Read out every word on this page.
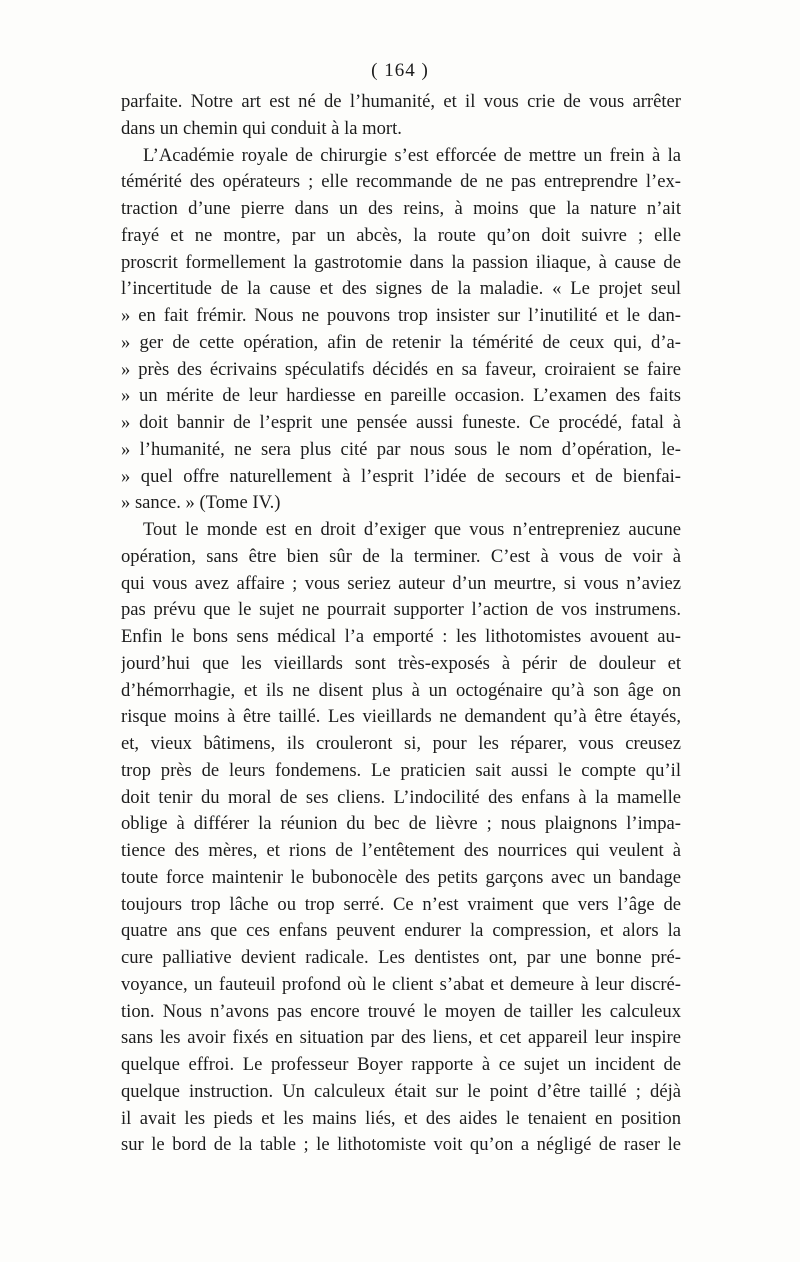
( 164 )
parfaite. Notre art est né de l’humanité, et il vous crie de vous arrêter
dans un chemin qui conduit à la mort.
L’Académie royale de chirurgie s’est efforcée de mettre un frein à la
témérité des opérateurs ; elle recommande de ne pas entreprendre l’ex-
traction d’une pierre dans un des reins, à moins que la nature n’ait
frayé et ne montre, par un abcès, la route qu’on doit suivre ; elle
proscrit formellement la gastrotomie dans la passion iliaque, à cause de
l’incertitude de la cause et des signes de la maladie. « Le projet seul
» en fait frémir. Nous ne pouvons trop insister sur l’inutilité et le dan-
» ger de cette opération, afin de retenir la témérité de ceux qui, d’a-
» près des écrivains spéculatifs décidés en sa faveur, croiraient se faire
» un mérite de leur hardiesse en pareille occasion. L’examen des faits
» doit bannir de l’esprit une pensée aussi funeste. Ce procédé, fatal à
» l’humanité, ne sera plus cité par nous sous le nom d’opération, le-
» quel offre naturellement à l’esprit l’idée de secours et de bienfai-
» sance. » (Tome IV.)
Tout le monde est en droit d’exiger que vous n’entrepreniez aucune
opération, sans être bien sûr de la terminer. C’est à vous de voir à
qui vous avez affaire ; vous seriez auteur d’un meurtre, si vous n’aviez
pas prévu que le sujet ne pourrait supporter l’action de vos instrumens.
Enfin le bons sens médical l’a emporté : les lithotomistes avouent au-
jourd’hui que les vieillards sont très-exposés à périr de douleur et
d’hémorrhagie, et ils ne disent plus à un octogénaire qu’à son âge on
risque moins à être taillé. Les vieillards ne demandent qu’à être étayés,
et, vieux bâtimens, ils crouleront si, pour les réparer, vous creusez
trop près de leurs fondemens. Le praticien sait aussi le compte qu’il
doit tenir du moral de ses cliens. L’indocilité des enfans à la mamelle
oblige à différer la réunion du bec de lièvre ; nous plaignons l’impa-
tience des mères, et rions de l’entêtement des nourrices qui veulent à
toute force maintenir le bubonocèle des petits garçons avec un bandage
toujours trop lâche ou trop serré. Ce n’est vraiment que vers l’âge de
quatre ans que ces enfans peuvent endurer la compression, et alors la
cure palliative devient radicale. Les dentistes ont, par une bonne pré-
voyance, un fauteuil profond où le client s’abat et demeure à leur discré-
tion. Nous n’avons pas encore trouvé le moyen de tailler les calculeux
sans les avoir fixés en situation par des liens, et cet appareil leur inspire
quelque effroi. Le professeur Boyer rapporte à ce sujet un incident de
quelque instruction. Un calculeux était sur le point d’être taillé ; déjà
il avait les pieds et les mains liés, et des aides le tenaient en position
sur le bord de la table ; le lithotomiste voit qu’on a négligé de raser le
